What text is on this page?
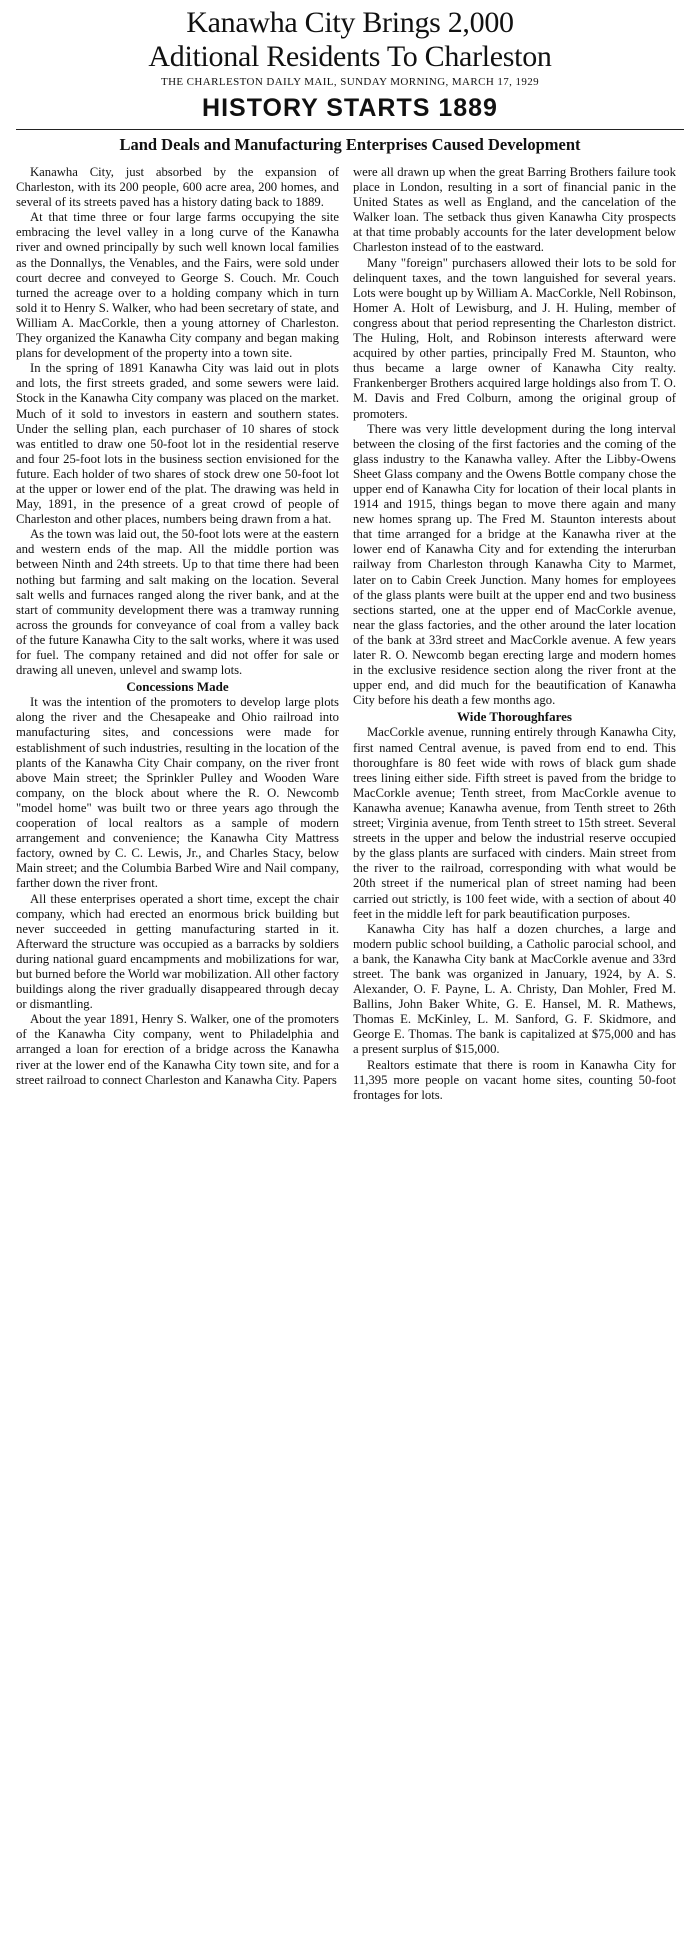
Kanawha City Brings 2,000
Aditional Residents To Charleston
THE CHARLESTON DAILY MAIL, SUNDAY MORNING, MARCH 17, 1929
HISTORY STARTS 1889
Land Deals and Manufacturing Enterprises Caused Development

Kanawha City, just absorbed by the expansion of Charleston, with its 200 people, 600 acre area, 200 homes, and several of its streets paved has a history dating back to 1889.

At that time three or four large farms occupying the site embracing the level valley in a long curve of the Kanawha river and owned principally by such well known local families as the Donnallys, the Venables, and the Fairs, were sold under court decree and conveyed to George S. Couch. Mr. Couch turned the acreage over to a holding company which in turn sold it to Henry S. Walker, who had been secretary of state, and William A. MacCorkle, then a young attorney of Charleston. They organized the Kanawha City company and began making plans for development of the property into a town site.

In the spring of 1891 Kanawha City was laid out in plots and lots, the first streets graded, and some sewers were laid. Stock in the Kanawha City company was placed on the market. Much of it sold to investors in eastern and southern states. Under the selling plan, each purchaser of 10 shares of stock was entitled to draw one 50-foot lot in the residential reserve and four 25-foot lots in the business section envisioned for the future. Each holder of two shares of stock drew one 50-foot lot at the upper or lower end of the plat. The drawing was held in May, 1891, in the presence of a great crowd of people of Charleston and other places, numbers being drawn from a hat.

As the town was laid out, the 50-foot lots were at the eastern and western ends of the map. All the middle portion was between Ninth and 24th streets. Up to that time there had been nothing but farming and salt making on the location. Several salt wells and furnaces ranged along the river bank, and at the start of community development there was a tramway running across the grounds for conveyance of coal from a valley back of the future Kanawha City to the salt works, where it was used for fuel. The company retained and did not offer for sale or drawing all uneven, unlevel and swamp lots.

Concessions Made

It was the intention of the promoters to develop large plots along the river and the Chesapeake and Ohio railroad into manufacturing sites, and concessions were made for establishment of such industries, resulting in the location of the plants of the Kanawha City Chair company, on the river front above Main street; the Sprinkler Pulley and Wooden Ware company, on the block about where the R. O. Newcomb "model home" was built two or three years ago through the cooperation of local realtors as a sample of modern arrangement and convenience; the Kanawha City Mattress factory, owned by C. C. Lewis, Jr., and Charles Stacy, below Main street; and the Columbia Barbed Wire and Nail company, farther down the river front.

All these enterprises operated a short time, except the chair company, which had erected an enormous brick building but never succeeded in getting manufacturing started in it. Afterward the structure was occupied as a barracks by soldiers during national guard encampments and mobilizations for war, but burned before the World war mobilization. All other factory buildings along the river gradually disappeared through decay or dismantling.

About the year 1891, Henry S. Walker, one of the promoters of the Kanawha City company, went to Philadelphia and arranged a loan for erection of a bridge across the Kanawha river at the lower end of the Kanawha City town site, and for a street railroad to connect Charleston and Kanawha City. Papers

were all drawn up when the great Barring Brothers failure took place in London, resulting in a sort of financial panic in the United States as well as England, and the cancelation of the Walker loan. The setback thus given Kanawha City prospects at that time probably accounts for the later development below Charleston instead of to the eastward.

Many "foreign" purchasers allowed their lots to be sold for delinquent taxes, and the town languished for several years. Lots were bought up by William A. MacCorkle, Nell Robinson, Homer A. Holt of Lewisburg, and J. H. Huling, member of congress about that period representing the Charleston district. The Huling, Holt, and Robinson interests afterward were acquired by other parties, principally Fred M. Staunton, who thus became a large owner of Kanawha City realty. Frankenberger Brothers acquired large holdings also from T. O. M. Davis and Fred Colburn, among the original group of promoters.

There was very little development during the long interval between the closing of the first factories and the coming of the glass industry to the Kanawha valley. After the Libby-Owens Sheet Glass company and the Owens Bottle company chose the upper end of Kanawha City for location of their local plants in 1914 and 1915, things began to move there again and many new homes sprang up. The Fred M. Staunton interests about that time arranged for a bridge at the Kanawha river at the lower end of Kanawha City and for extending the interurban railway from Charleston through Kanawha City to Marmet, later on to Cabin Creek Junction. Many homes for employees of the glass plants were built at the upper end and two business sections started, one at the upper end of MacCorkle avenue, near the glass factories, and the other around the later location of the bank at 33rd street and MacCorkle avenue. A few years later R. O. Newcomb began erecting large and modern homes in the exclusive residence section along the river front at the upper end, and did much for the beautification of Kanawha City before his death a few months ago.

Wide Thoroughfares

MacCorkle avenue, running entirely through Kanawha City, first named Central avenue, is paved from end to end. This thoroughfare is 80 feet wide with rows of black gum shade trees lining either side. Fifth street is paved from the bridge to MacCorkle avenue; Tenth street, from MacCorkle avenue to Kanawha avenue; Kanawha avenue, from Tenth street to 26th street; Virginia avenue, from Tenth street to 15th street. Several streets in the upper and below the industrial reserve occupied by the glass plants are surfaced with cinders. Main street from the river to the railroad, corresponding with what would be 20th street if the numerical plan of street naming had been carried out strictly, is 100 feet wide, with a section of about 40 feet in the middle left for park beautification purposes.

Kanawha City has half a dozen churches, a large and modern public school building, a Catholic parocial school, and a bank, the Kanawha City bank at MacCorkle avenue and 33rd street. The bank was organized in January, 1924, by A. S. Alexander, O. F. Payne, L. A. Christy, Dan Mohler, Fred M. Ballins, John Baker White, G. E. Hansel, M. R. Mathews, Thomas E. McKinley, L. M. Sanford, G. F. Skidmore, and George E. Thomas. The bank is capitalized at $75,000 and has a present surplus of $15,000.

Realtors estimate that there is room in Kanawha City for 11,395 more people on vacant home sites, counting 50-foot frontages for lots.
